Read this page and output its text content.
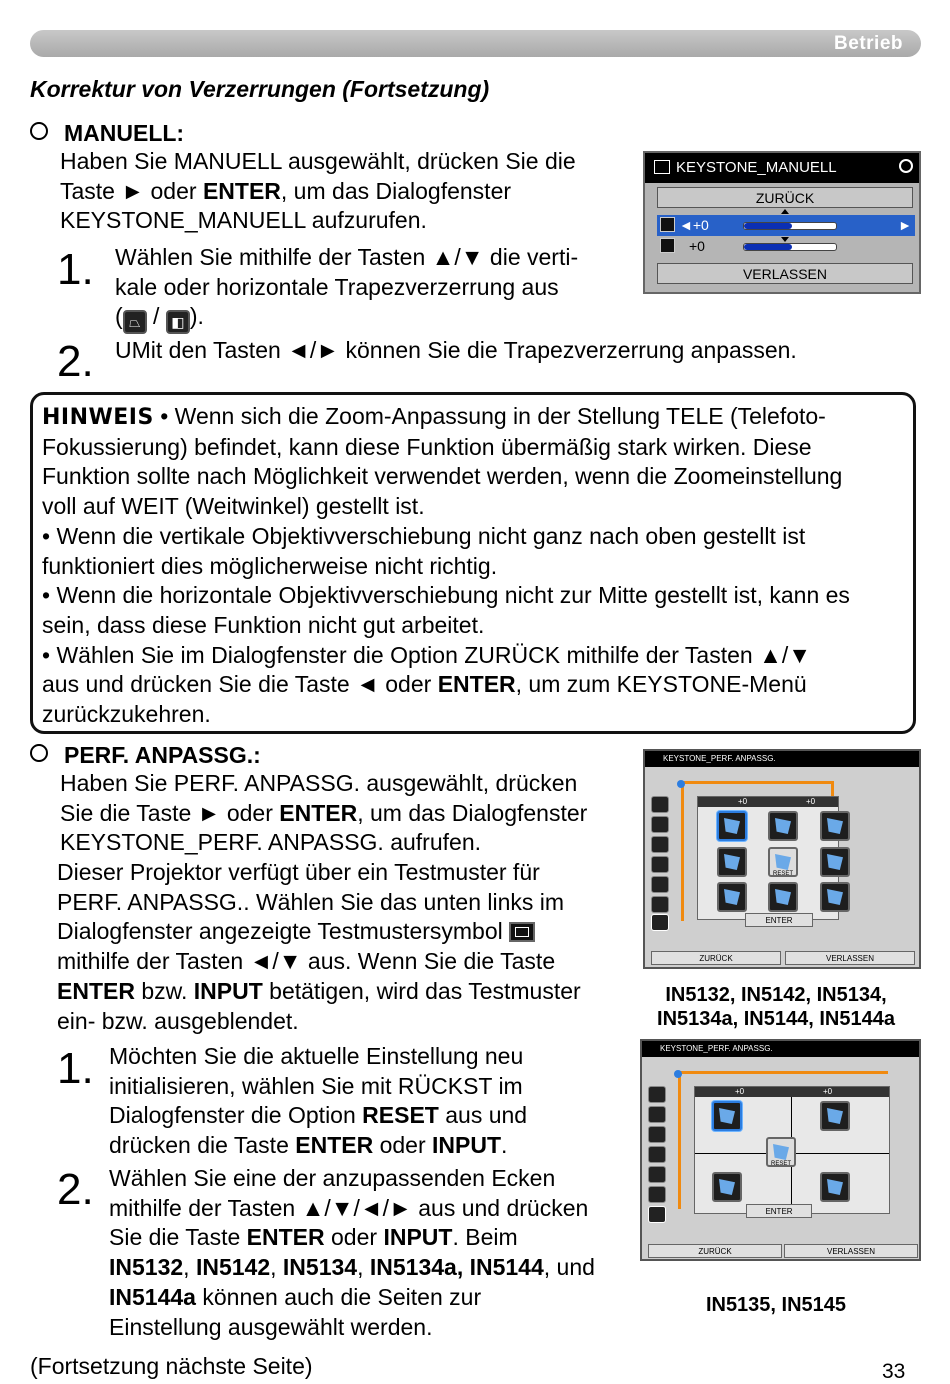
Betrieb
Korrektur von Verzerrungen (Fortsetzung)
MANUELL:
Haben Sie MANUELL ausgewählt, drücken Sie die
Taste ► oder ENTER, um das Dialogfenster
KEYSTONE_MANUELL aufzurufen.
1. Wählen Sie mithilfe der Tasten ▲/▼ die verti-
kale oder horizontale Trapezverzerrung aus
( ⏢ / ◧ ).
2. UMit den Tasten ◄/► können Sie die Trapezverzerrung anpassen.
KEYSTONE_MANUELL
ZURÜCK
◄+0	►
+0
VERLASSEN
HINWEIS • Wenn sich die Zoom-Anpassung in der Stellung TELE (Telefoto-
Fokussierung) befindet, kann diese Funktion übermäßig stark wirken. Diese
Funktion sollte nach Möglichkeit verwendet werden, wenn die Zoomeinstellung
voll auf WEIT (Weitwinkel) gestellt ist.
• Wenn die vertikale Objektivverschiebung nicht ganz nach oben gestellt ist
funktioniert dies möglicherweise nicht richtig.
• Wenn die horizontale Objektivverschiebung nicht zur Mitte gestellt ist, kann es
sein, dass diese Funktion nicht gut arbeitet.
• Wählen Sie im Dialogfenster die Option ZURÜCK mithilfe der Tasten ▲/▼
aus und drücken Sie die Taste ◄ oder ENTER, um zum KEYSTONE-Menü
zurückzukehren.
PERF. ANPASSG.:
Haben Sie PERF. ANPASSG. ausgewählt, drücken
Sie die Taste ► oder ENTER, um das Dialogfenster
KEYSTONE_PERF. ANPASSG. aufrufen.
Dieser Projektor verfügt über ein Testmuster für
PERF. ANPASSG.. Wählen Sie das unten links im
Dialogfenster angezeigte Testmustersymbol
mithilfe der Tasten ◄/▼ aus. Wenn Sie die Taste
ENTER bzw. INPUT betätigen, wird das Testmuster
ein- bzw. ausgeblendet.
1. Möchten Sie die aktuelle Einstellung neu
initialisieren, wählen Sie mit RÜCKST im
Dialogfenster die Option RESET aus und
drücken die Taste ENTER oder INPUT.
2. Wählen Sie eine der anzupassenden Ecken
mithilfe der Tasten ▲/▼/◄/► aus und drücken
Sie die Taste ENTER oder INPUT. Beim
IN5132, IN5142, IN5134, IN5134a, IN5144, und
IN5144a können auch die Seiten zur
Einstellung ausgewählt werden.
KEYSTONE_PERF. ANPASSG.
+0	+0
RESET
ENTER
ZURÜCK	VERLASSEN
IN5132, IN5142, IN5134,
IN5134a, IN5144, IN5144a
KEYSTONE_PERF. ANPASSG.
+0	+0
RESET
ENTER
ZURÜCK	VERLASSEN
IN5135, IN5145
(Fortsetzung nächste Seite)	33
